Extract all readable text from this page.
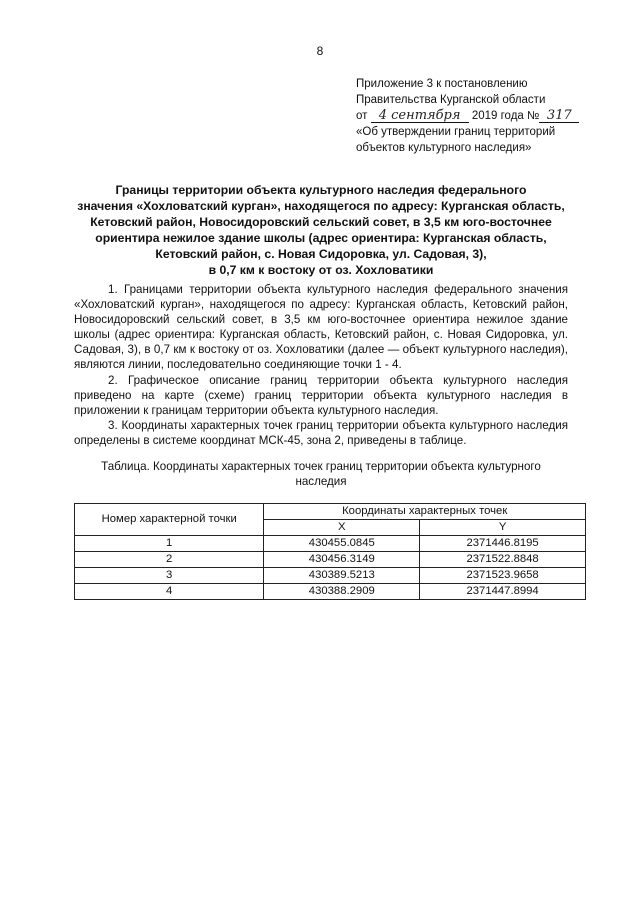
8
Приложение 3 к постановлению
Правительства Курганской области
от 4 сентября 2019 года № 317
«Об утверждении границ территорий
объектов культурного наследия»
Границы территории объекта культурного наследия федерального
значения «Хохловатский курган», находящегося по адресу: Курганская область,
Кетовский район, Новосидоровский сельский совет, в 3,5 км юго-восточнее
ориентира нежилое здание школы (адрес ориентира: Курганская область,
Кетовский район, с. Новая Сидоровка, ул. Садовая, 3),
в 0,7 км к востоку от оз. Хохловатики

1. Границами территории объекта культурного наследия федерального значения «Хохловатский курган», находящегося по адресу: Курганская область, Кетовский район, Новосидоровский сельский совет, в 3,5 км юго-восточнее ориентира нежилое здание школы (адрес ориентира: Курганская область, Кетовский район, с. Новая Сидоровка, ул. Садовая, 3), в 0,7 км к востоку от оз. Хохловатики (далее — объект культурного наследия), являются линии, последовательно соединяющие точки 1 - 4.

2. Графическое описание границ территории объекта культурного наследия приведено на карте (схеме) границ территории объекта культурного наследия в приложении к границам территории объекта культурного наследия.

3. Координаты характерных точек границ территории объекта культурного наследия определены в системе координат МСК-45, зона 2, приведены в таблице.

Таблица. Координаты характерных точек границ территории объекта культурного
наследия
Номер характерной точки	Координаты характерных точек	
	X	Y
1	430455.0845	2371446.8195
2	430456.3149	2371522.8848
3	430389.5213	2371523.9658
4	430388.2909	2371447.8994
